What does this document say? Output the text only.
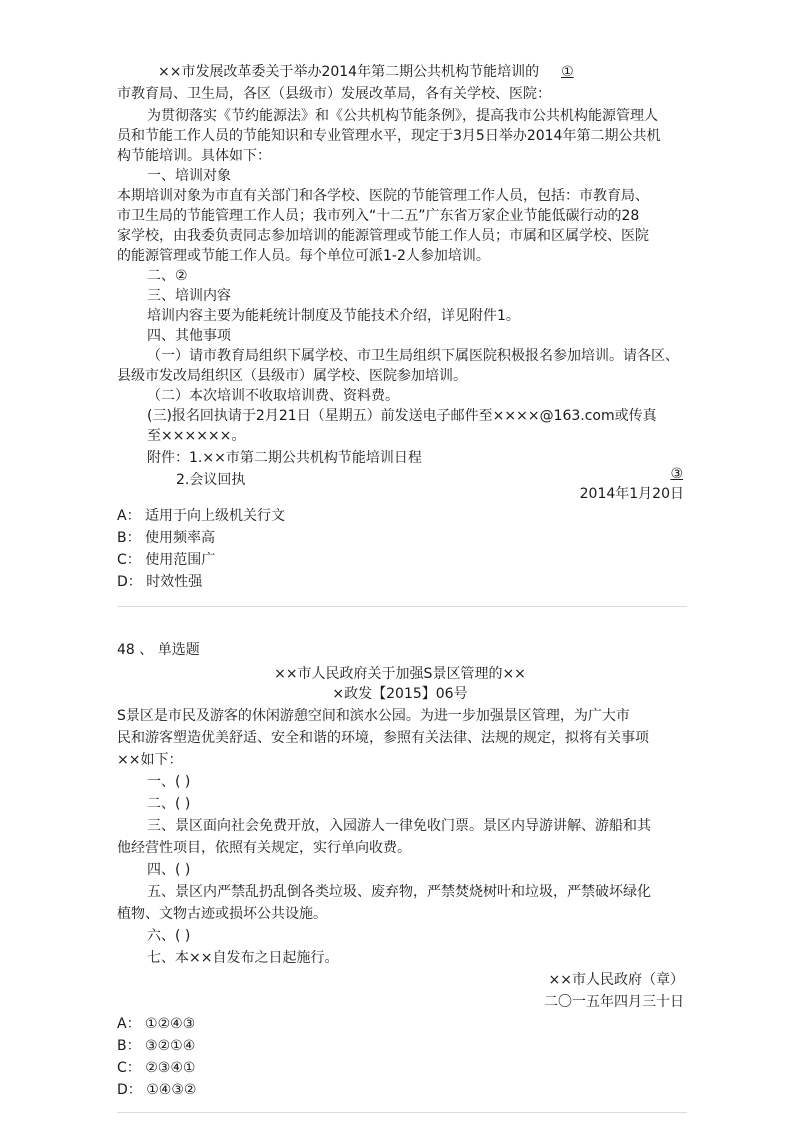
××市发展改革委关于举办2014年第二期公共机构节能培训的 ①
市教育局、卫生局，各区（县级市）发展改革局，各有关学校、医院：
为贯彻落实《节约能源法》和《公共机构节能条例》，提高我市公共机构能源管理人
员和节能工作人员的节能知识和专业管理水平，现定于3月5日举办2014年第二期公共机
构节能培训。具体如下：
一、培训对象
本期培训对象为市直有关部门和各学校、医院的节能管理工作人员，包括：市教育局、
市卫生局的节能管理工作人员；我市列入“十二五”广东省万家企业节能低碳行动的28
家学校，由我委负责同志参加培训的能源管理或节能工作人员；市属和区属学校、医院
的能源管理或节能工作人员。每个单位可派1-2人参加培训。
二、②
三、培训内容
培训内容主要为能耗统计制度及节能技术介绍，详见附件1。
四、其他事项
（一）请市教育局组织下属学校、市卫生局组织下属医院积极报名参加培训。请各区、
县级市发改局组织区（县级市）属学校、医院参加培训。
（二）本次培训不收取培训费、资料费。
(三)报名回执请于2月21日（星期五）前发送电子邮件至××××@163.com或传真
至××××××。
附件：1.××市第二期公共机构节能培训日程
2.会议回执	③
2014年1月20日
A： 适用于向上级机关行文
B： 使用频率高
C： 使用范围广
D： 时效性强
48 、 单选题
××市人民政府关于加强S景区管理的××
×政发【2015】06号
S景区是市民及游客的休闲游憩空间和滨水公园。为进一步加强景区管理，为广大市
民和游客塑造优美舒适、安全和谐的环境，参照有关法律、法规的规定，拟将有关事项
××如下：
一、( )
二、( )
三、景区面向社会免费开放，入园游人一律免收门票。景区内导游讲解、游船和其
他经营性项目，依照有关规定，实行单向收费。
四、( )
五、景区内严禁乱扔乱倒各类垃圾、废弃物，严禁焚烧树叶和垃圾，严禁破坏绿化
植物、文物古迹或损坏公共设施。
六、( )
七、本××自发布之日起施行。
××市人民政府（章）
二〇一五年四月三十日
A： ①②④③
B： ③②①④
C： ②③④①
D： ①④③②
